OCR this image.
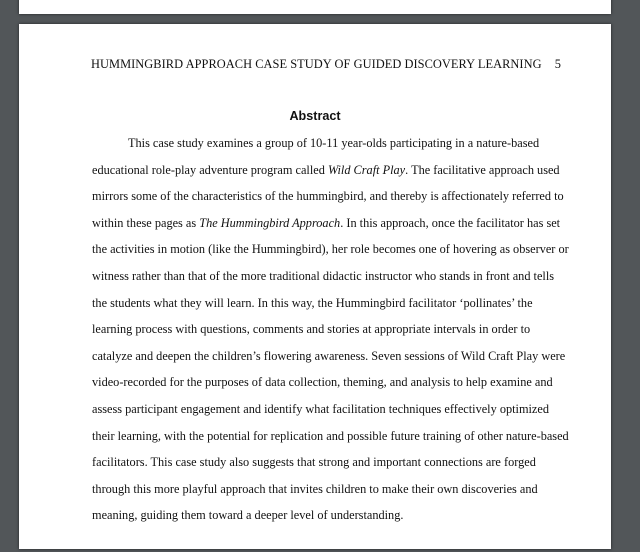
HUMMINGBIRD APPROACH CASE STUDY OF GUIDED DISCOVERY LEARNING 5
Abstract
This case study examines a group of 10-11 year-olds participating in a nature-based
educational role-play adventure program called Wild Craft Play. The facilitative approach used
mirrors some of the characteristics of the hummingbird, and thereby is affectionately referred to
within these pages as The Hummingbird Approach. In this approach, once the facilitator has set
the activities in motion (like the Hummingbird), her role becomes one of hovering as observer or
witness rather than that of the more traditional didactic instructor who stands in front and tells
the students what they will learn. In this way, the Hummingbird facilitator ‘pollinates’ the
learning process with questions, comments and stories at appropriate intervals in order to
catalyze and deepen the children’s flowering awareness. Seven sessions of Wild Craft Play were
video-recorded for the purposes of data collection, theming, and analysis to help examine and
assess participant engagement and identify what facilitation techniques effectively optimized
their learning, with the potential for replication and possible future training of other nature-based
facilitators. This case study also suggests that strong and important connections are forged
through this more playful approach that invites children to make their own discoveries and
meaning, guiding them toward a deeper level of understanding.
